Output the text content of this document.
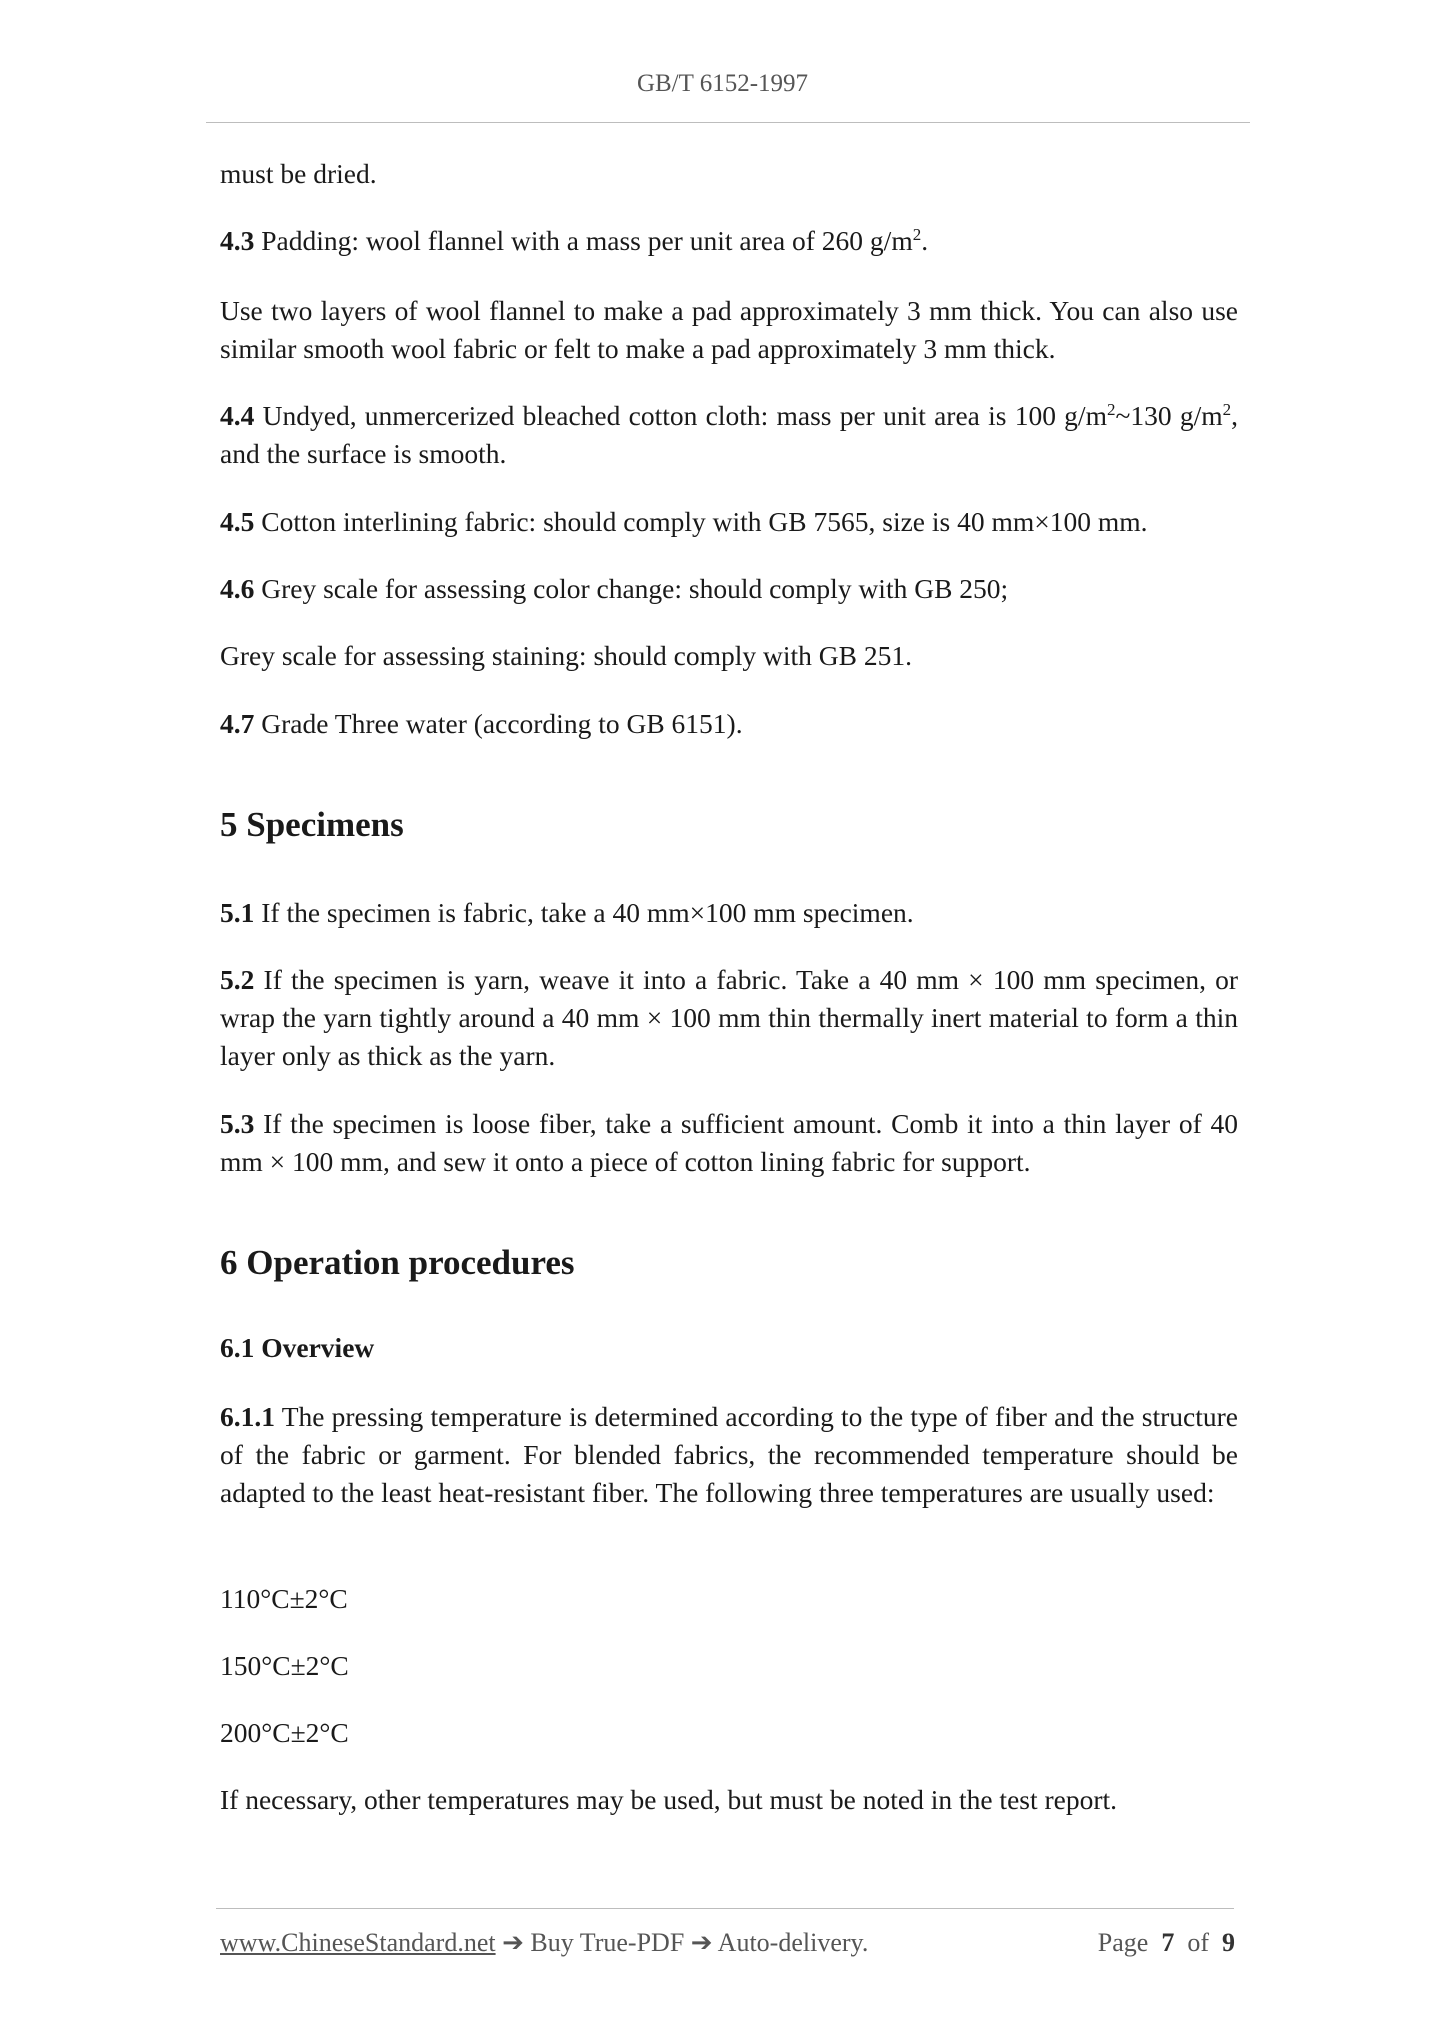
GB/T 6152-1997

must be dried.

4.3 Padding: wool flannel with a mass per unit area of 260 $g/m^2$.

Use two layers of wool flannel to make a pad approximately 3 mm thick. You can also use similar smooth wool fabric or felt to make a pad approximately 3 mm thick.

4.4 Undyed, unmercerized bleached cotton cloth: mass per unit area is 100 $g/m^2\sim 130$ $g/m^2$, and the surface is smooth.

4.5 Cotton interlining fabric: should comply with GB 7565, size is 40 mm×100 mm.

4.6 Grey scale for assessing color change: should comply with GB 250;

Grey scale for assessing staining: should comply with GB 251.

4.7 Grade Three water (according to GB 6151).

5 Specimens

5.1 If the specimen is fabric, take a 40 mm×100 mm specimen.

5.2 If the specimen is yarn, weave it into a fabric. Take a 40 mm × 100 mm specimen, or wrap the yarn tightly around a 40 mm × 100 mm thin thermally inert material to form a thin layer only as thick as the yarn.

5.3 If the specimen is loose fiber, take a sufficient amount. Comb it into a thin layer of 40 mm × 100 mm, and sew it onto a piece of cotton lining fabric for support.

6 Operation procedures
6.1 Overview

6.1.1 The pressing temperature is determined according to the type of fiber and the structure of the fabric or garment. For blended fabrics, the recommended temperature should be adapted to the least heat-resistant fiber. The following three temperatures are usually used:

110°C±2°C

150°C±2°C

200°C±2°C

If necessary, other temperatures may be used, but must be noted in the test report.

www.ChineseStandard.net ➔ Buy True-PDF ➔ Auto-delivery.	Page 7 of 9
